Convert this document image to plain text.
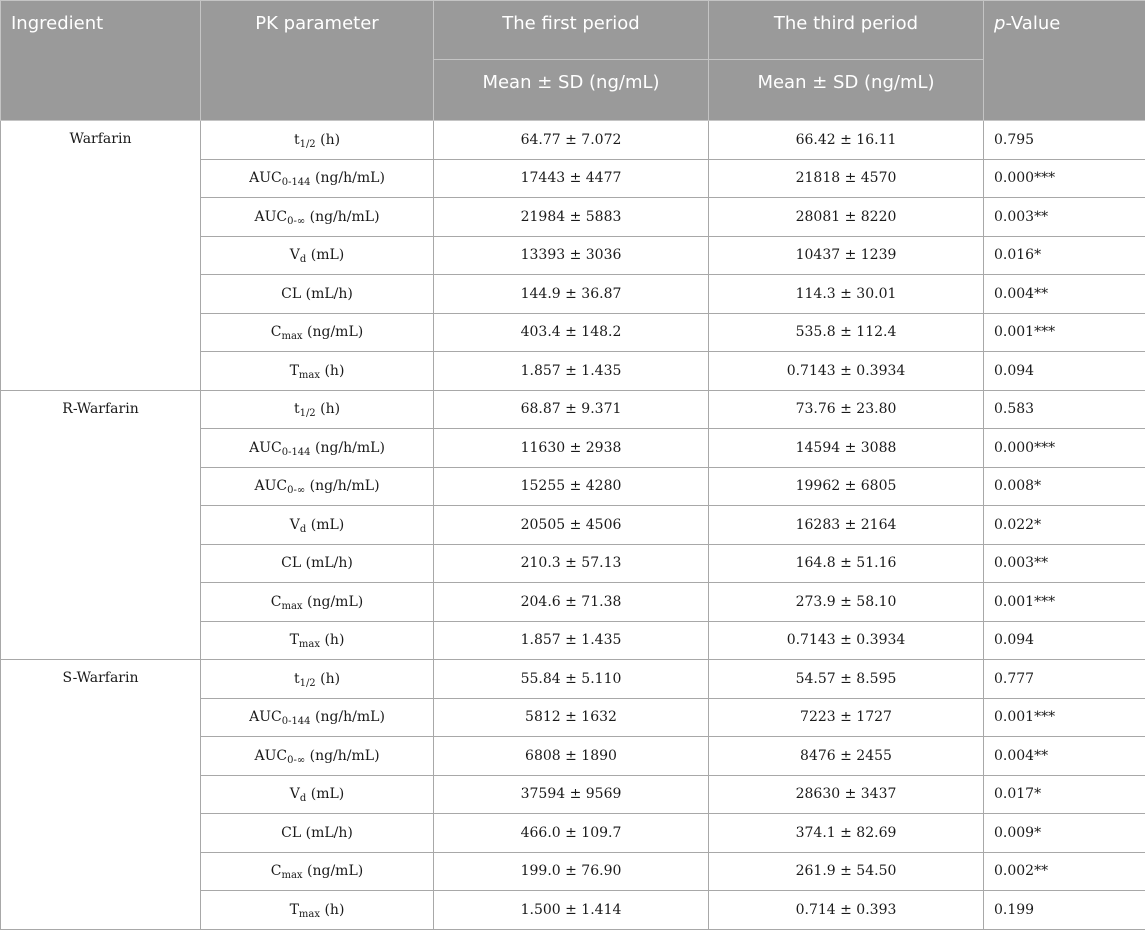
Ingredient	PK parameter	The first period	The third period	p-Value
		Mean ± SD (ng/mL)	Mean ± SD (ng/mL)	
Warfarin	$t_{1/2}$ (h)	64.77 ± 7.072	66.42 ± 16.11	0.795
	$AUC_{0-144}$ (ng/h/mL)	17443 ± 4477	21818 ± 4570	0.000***
	$AUC_{0-\infty}$ (ng/h/mL)	21984 ± 5883	28081 ± 8220	0.003**
	$V_d$ (mL)	13393 ± 3036	10437 ± 1239	0.016*
	CL (mL/h)	144.9 ± 36.87	114.3 ± 30.01	0.004**
	$C_{max}$ (ng/mL)	403.4 ± 148.2	535.8 ± 112.4	0.001***
	$T_{max}$ (h)	1.857 ± 1.435	0.7143 ± 0.3934	0.094
R-Warfarin	$t_{1/2}$ (h)	68.87 ± 9.371	73.76 ± 23.80	0.583
	$AUC_{0-144}$ (ng/h/mL)	11630 ± 2938	14594 ± 3088	0.000***
	$AUC_{0-\infty}$ (ng/h/mL)	15255 ± 4280	19962 ± 6805	0.008*
	$V_d$ (mL)	20505 ± 4506	16283 ± 2164	0.022*
	CL (mL/h)	210.3 ± 57.13	164.8 ± 51.16	0.003**
	$C_{max}$ (ng/mL)	204.6 ± 71.38	273.9 ± 58.10	0.001***
	$T_{max}$ (h)	1.857 ± 1.435	0.7143 ± 0.3934	0.094
S-Warfarin	$t_{1/2}$ (h)	55.84 ± 5.110	54.57 ± 8.595	0.777
	$AUC_{0-144}$ (ng/h/mL)	5812 ± 1632	7223 ± 1727	0.001***
	$AUC_{0-\infty}$ (ng/h/mL)	6808 ± 1890	8476 ± 2455	0.004**
	$V_d$ (mL)	37594 ± 9569	28630 ± 3437	0.017*
	CL (mL/h)	466.0 ± 109.7	374.1 ± 82.69	0.009*
	$C_{max}$ (ng/mL)	199.0 ± 76.90	261.9 ± 54.50	0.002**
	$T_{max}$ (h)	1.500 ± 1.414	0.714 ± 0.393	0.199
